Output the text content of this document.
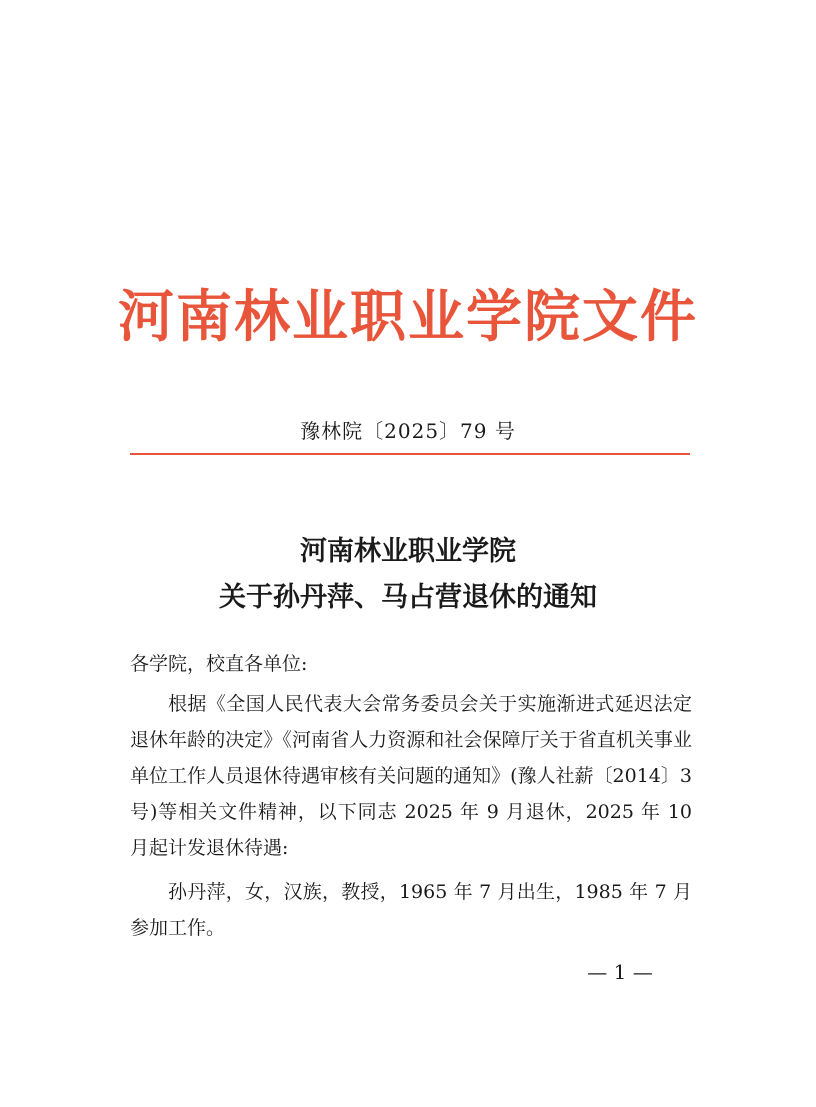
河南林业职业学院文件
豫林院〔2025〕79 号
河南林业职业学院
关于孙丹萍、马占营退休的通知
各学院，校直各单位:
根据《全国人民代表大会常务委员会关于实施渐进式延迟法定退休年龄的决定》《河南省人力资源和社会保障厅关于省直机关事业单位工作人员退休待遇审核有关问题的通知》(豫人社薪〔2014〕3 号)等相关文件精神，以下同志 2025 年 9 月退休，2025 年 10 月起计发退休待遇:
孙丹萍，女，汉族，教授，1965 年 7 月出生，1985 年 7 月参加工作。
— 1 —
